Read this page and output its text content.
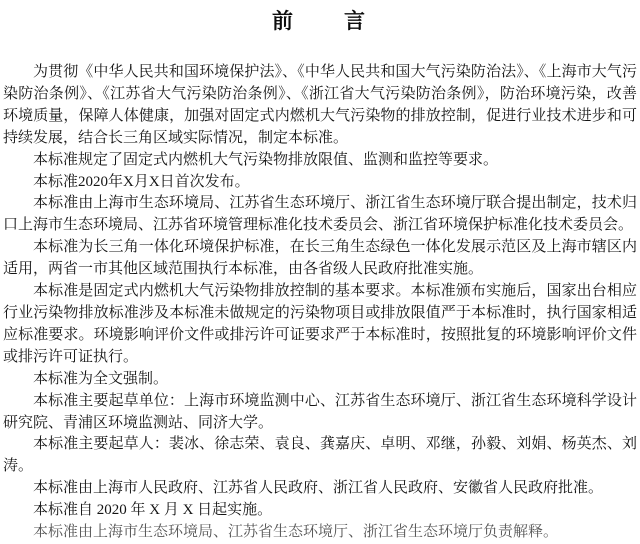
前　　言

为贯彻《中华人民共和国环境保护法》、《中华人民共和国大气污染防治法》、《上海市大气污染防治条例》、《江苏省大气污染防治条例》、《浙江省大气污染防治条例》，防治环境污染，改善环境质量，保障人体健康，加强对固定式内燃机大气污染物的排放控制，促进行业技术进步和可持续发展，结合长三角区域实际情况，制定本标准。

本标准规定了固定式内燃机大气污染物排放限值、监测和监控等要求。

本标准2020年X月X日首次发布。

本标准由上海市生态环境局、江苏省生态环境厅、浙江省生态环境厅联合提出制定，技术归口上海市生态环境局、江苏省环境管理标准化技术委员会、浙江省环境保护标准化技术委员会。

本标准为长三角一体化环境保护标准，在长三角生态绿色一体化发展示范区及上海市辖区内适用，两省一市其他区域范围执行本标准，由各省级人民政府批准实施。

本标准是固定式内燃机大气污染物排放控制的基本要求。本标准颁布实施后，国家出台相应行业污染物排放标准涉及本标准未做规定的污染物项目或排放限值严于本标准时，执行国家相适应标准要求。环境影响评价文件或排污许可证要求严于本标准时，按照批复的环境影响评价文件或排污许可证执行。

本标准为全文强制。

本标准主要起草单位：上海市环境监测中心、江苏省生态环境厅、浙江省生态环境科学设计研究院、青浦区环境监测站、同济大学。

本标准主要起草人：裴冰、徐志荣、袁良、龚嘉庆、卓明、邓继，孙毅、刘娟、杨英杰、刘涛。

本标准由上海市人民政府、江苏省人民政府、浙江省人民政府、安徽省人民政府批准。

本标准自 2020 年 X 月 X 日起实施。

本标准由上海市生态环境局、江苏省生态环境厅、浙江省生态环境厅负责解释。
